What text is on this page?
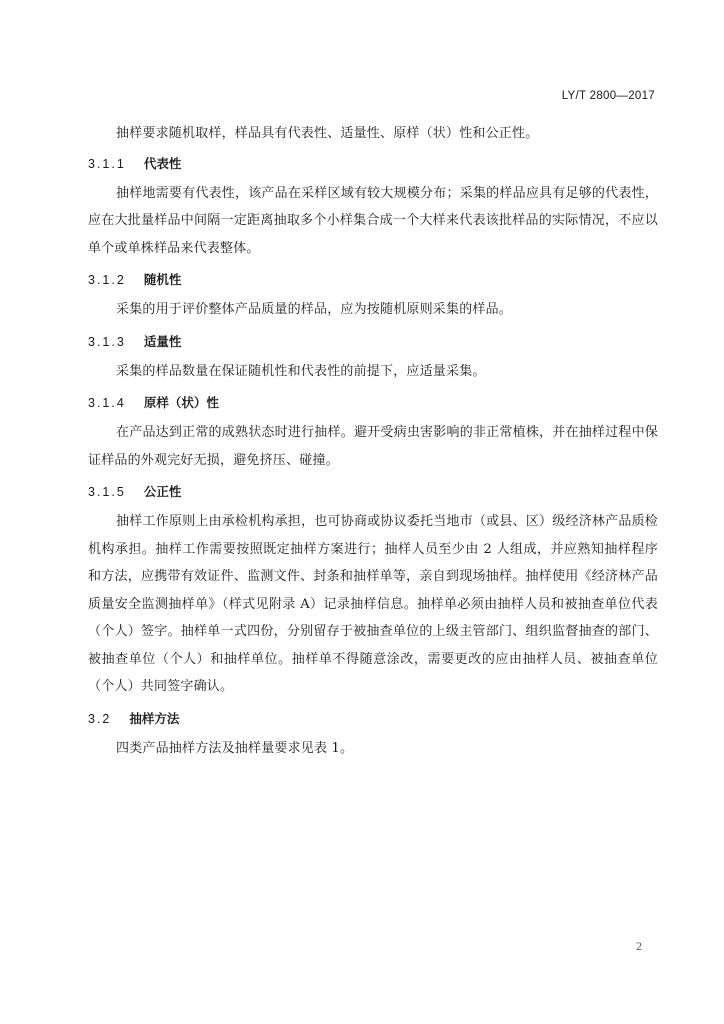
LY/T 2800—2017

抽样要求随机取样，样品具有代表性、适量性、原样（状）性和公正性。

3.1.1 代表性

抽样地需要有代表性，该产品在采样区域有较大规模分布；采集的样品应具有足够的代表性，应在大批量样品中间隔一定距离抽取多个小样集合成一个大样来代表该批样品的实际情况，不应以单个或单株样品来代表整体。

3.1.2 随机性

采集的用于评价整体产品质量的样品，应为按随机原则采集的样品。

3.1.3 适量性

采集的样品数量在保证随机性和代表性的前提下，应适量采集。

3.1.4 原样（状）性

在产品达到正常的成熟状态时进行抽样。避开受病虫害影响的非正常植株，并在抽样过程中保证样品的外观完好无损，避免挤压、碰撞。

3.1.5 公正性

抽样工作原则上由承检机构承担，也可协商或协议委托当地市（或县、区）级经济林产品质检机构承担。抽样工作需要按照既定抽样方案进行；抽样人员至少由 2 人组成，并应熟知抽样程序和方法，应携带有效证件、监测文件、封条和抽样单等，亲自到现场抽样。抽样使用《经济林产品质量安全监测抽样单》（样式见附录 A）记录抽样信息。抽样单必须由抽样人员和被抽查单位代表（个人）签字。抽样单一式四份，分别留存于被抽查单位的上级主管部门、组织监督抽查的部门、被抽查单位（个人）和抽样单位。抽样单不得随意涂改，需要更改的应由抽样人员、被抽查单位（个人）共同签字确认。

3.2 抽样方法

四类产品抽样方法及抽样量要求见表 1。

2
